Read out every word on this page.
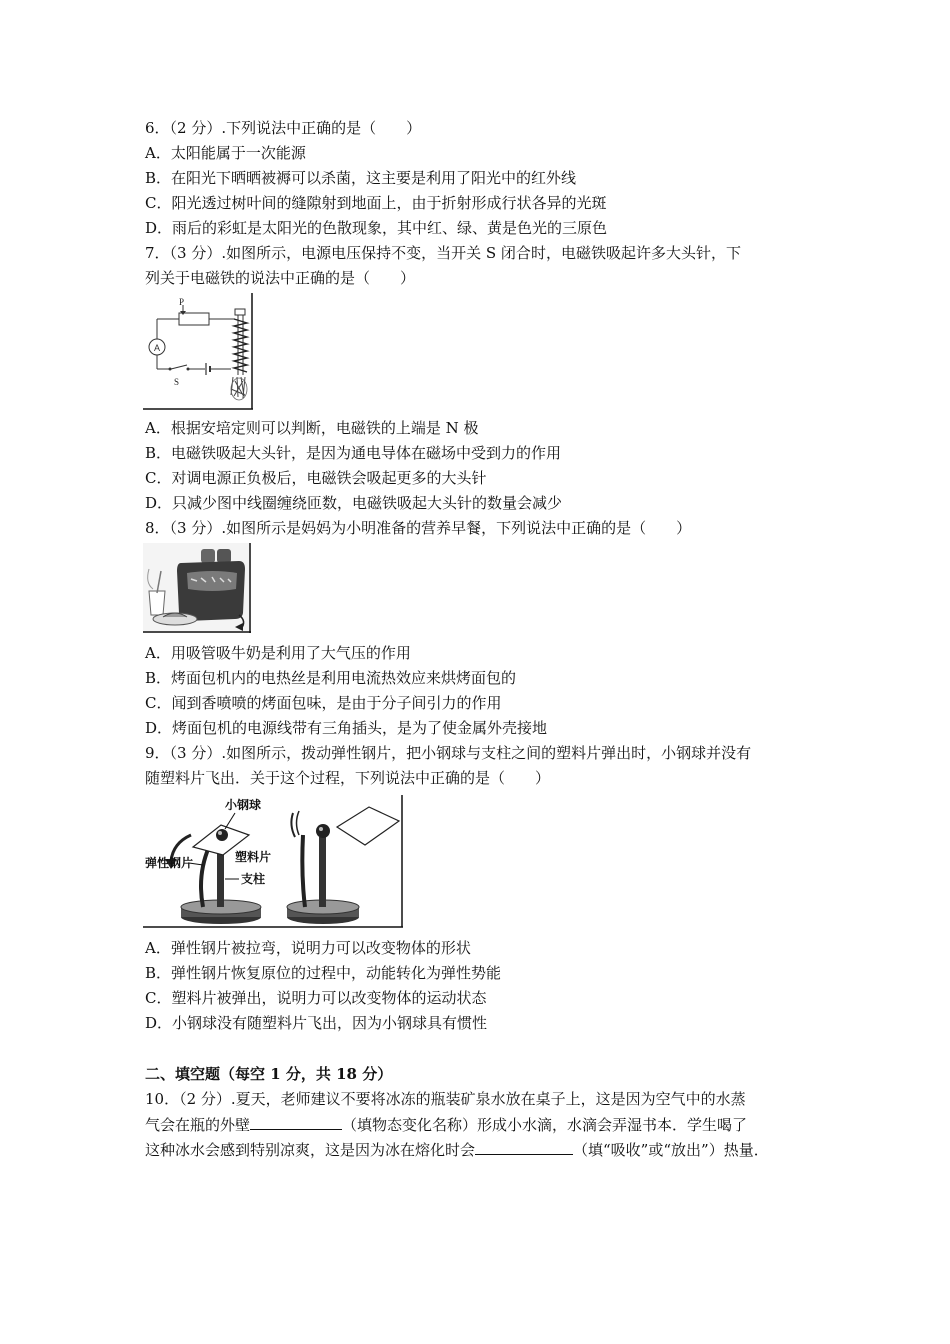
6．（2 分）.下列说法中正确的是（　　）
A．太阳能属于一次能源
B．在阳光下晒晒被褥可以杀菌，这主要是利用了阳光中的红外线
C．阳光透过树叶间的缝隙射到地面上，由于折射形成行状各异的光斑
D．雨后的彩虹是太阳光的色散现象，其中红、绿、黄是色光的三原色
7．（3 分）.如图所示，电源电压保持不变，当开关 S 闭合时，电磁铁吸起许多大头针，下
列关于电磁铁的说法中正确的是（　　）
P
A
S
A．根据安培定则可以判断，电磁铁的上端是 N 极
B．电磁铁吸起大头针，是因为通电导体在磁场中受到力的作用
C．对调电源正负极后，电磁铁会吸起更多的大头针
D．只减少图中线圈缠绕匝数，电磁铁吸起大头针的数量会减少
8．（3 分）.如图所示是妈妈为小明准备的营养早餐，下列说法中正确的是（　　）
A．用吸管吸牛奶是利用了大气压的作用
B．烤面包机内的电热丝是利用电流热效应来烘烤面包的
C．闻到香喷喷的烤面包味，是由于分子间引力的作用
D．烤面包机的电源线带有三角插头，是为了使金属外壳接地
9．（3 分）.如图所示，拨动弹性钢片，把小钢球与支柱之间的塑料片弹出时，小钢球并没有
随塑料片飞出．关于这个过程，下列说法中正确的是（　　）
小钢球
弹性钢片	塑料片
支柱
A．弹性钢片被拉弯，说明力可以改变物体的形状
B．弹性钢片恢复原位的过程中，动能转化为弹性势能
C．塑料片被弹出，说明力可以改变物体的运动状态
D．小钢球没有随塑料片飞出，因为小钢球具有惯性
二、填空题（每空 1 分，共 18 分）
10．（2 分）.夏天，老师建议不要将冰冻的瓶装矿泉水放在桌子上，这是因为空气中的水蒸
气会在瓶的外壁	（填物态变化名称）形成小水滴，水滴会弄湿书本．学生喝了
这种冰水会感到特别凉爽，这是因为冰在熔化时会	（填“吸收”或“放出”）热量．
